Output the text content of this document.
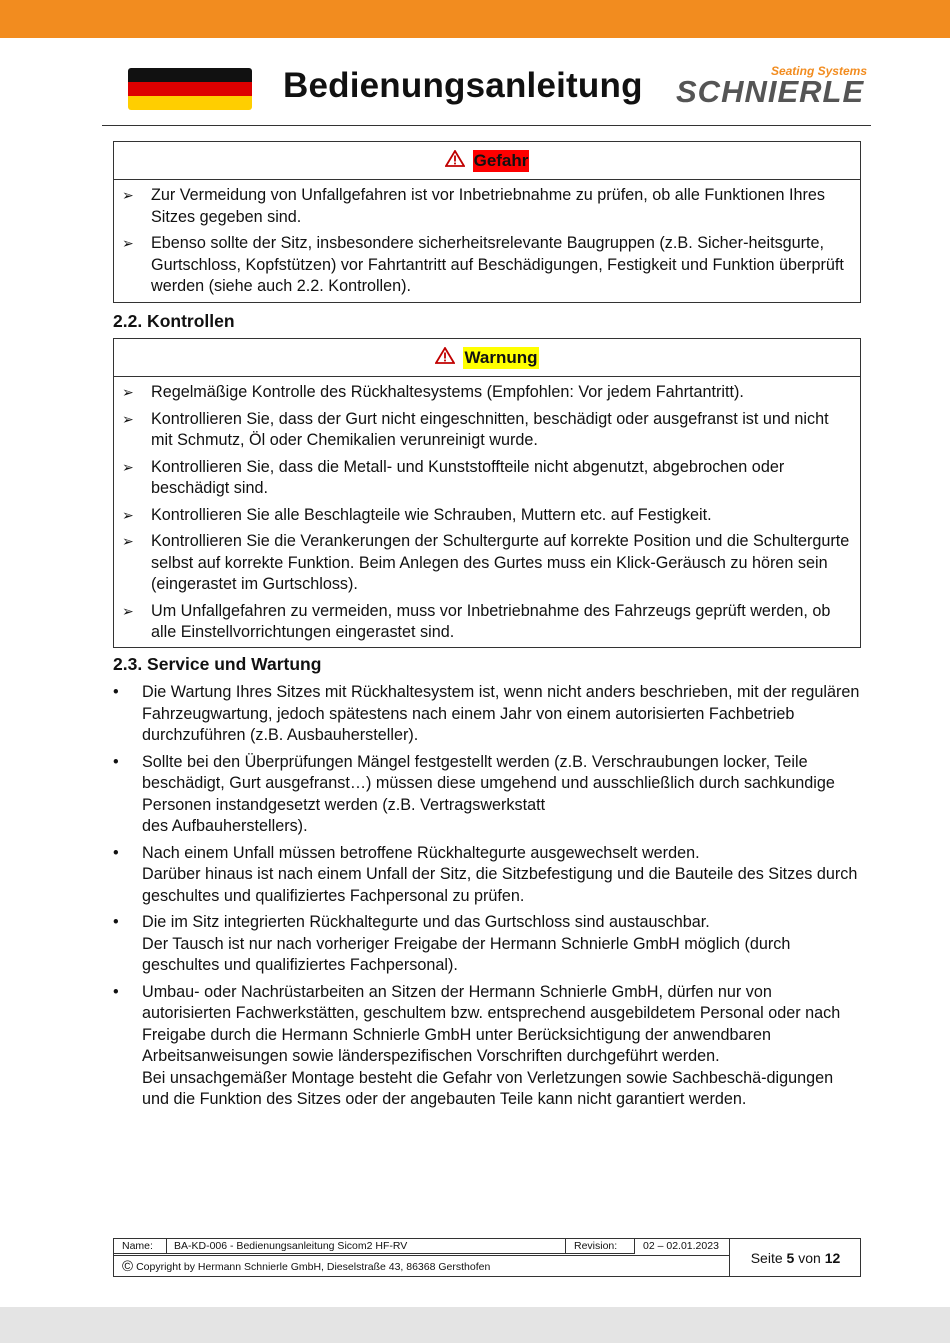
Bedienungsanleitung	Seating Systems
SCHNIERLE
Gefahr
➢ Zur Vermeidung von Unfallgefahren ist vor Inbetriebnahme zu prüfen, ob alle Funktionen Ihres Sitzes gegeben sind.
➢ Ebenso sollte der Sitz, insbesondere sicherheitsrelevante Baugruppen (z.B. Sicher-heitsgurte, Gurtschloss, Kopfstützen) vor Fahrtantritt auf Beschädigungen, Festigkeit und Funktion überprüft werden (siehe auch 2.2. Kontrollen).
2.2. Kontrollen
Warnung
➢ Regelmäßige Kontrolle des Rückhaltesystems (Empfohlen: Vor jedem Fahrtantritt).
➢ Kontrollieren Sie, dass der Gurt nicht eingeschnitten, beschädigt oder ausgefranst ist und nicht mit Schmutz, Öl oder Chemikalien verunreinigt wurde.
➢ Kontrollieren Sie, dass die Metall- und Kunststoffteile nicht abgenutzt, abgebrochen oder beschädigt sind.
➢ Kontrollieren Sie alle Beschlagteile wie Schrauben, Muttern etc. auf Festigkeit.
➢ Kontrollieren Sie die Verankerungen der Schultergurte auf korrekte Position und die Schultergurte selbst auf korrekte Funktion. Beim Anlegen des Gurtes muss ein Klick-Geräusch zu hören sein (eingerastet im Gurtschloss).
➢ Um Unfallgefahren zu vermeiden, muss vor Inbetriebnahme des Fahrzeugs geprüft werden, ob alle Einstellvorrichtungen eingerastet sind.
2.3. Service und Wartung
• Die Wartung Ihres Sitzes mit Rückhaltesystem ist, wenn nicht anders beschrieben, mit der regulären Fahrzeugwartung, jedoch spätestens nach einem Jahr von einem autorisierten Fachbetrieb durchzuführen (z.B. Ausbauhersteller).
• Sollte bei den Überprüfungen Mängel festgestellt werden (z.B. Verschraubungen locker, Teile beschädigt, Gurt ausgefranst…) müssen diese umgehend und ausschließlich durch sachkundige Personen instandgesetzt werden (z.B. Vertragswerkstatt
des Aufbauherstellers).
• Nach einem Unfall müssen betroffene Rückhaltegurte ausgewechselt werden.
Darüber hinaus ist nach einem Unfall der Sitz, die Sitzbefestigung und die Bauteile des Sitzes durch geschultes und qualifiziertes Fachpersonal zu prüfen.
• Die im Sitz integrierten Rückhaltegurte und das Gurtschloss sind austauschbar.
Der Tausch ist nur nach vorheriger Freigabe der Hermann Schnierle GmbH möglich (durch geschultes und qualifiziertes Fachpersonal).
• Umbau- oder Nachrüstarbeiten an Sitzen der Hermann Schnierle GmbH, dürfen nur von autorisierten Fachwerkstätten, geschultem bzw. entsprechend ausgebildetem Personal oder nach Freigabe durch die Hermann Schnierle GmbH unter Berücksichtigung der anwendbaren Arbeitsanweisungen sowie länderspezifischen Vorschriften durchgeführt werden.
Bei unsachgemäßer Montage besteht die Gefahr von Verletzungen sowie Sachbeschä-digungen und die Funktion des Sitzes oder der angebauten Teile kann nicht garantiert werden.
Name:	BA-KD-006 - Bedienungsanleitung Sicom2 HF-RV	Revision:	02 – 02.01.2023
© Copyright by Hermann Schnierle GmbH, Dieselstraße 43, 86368 Gersthofen
Seite
5
von
12
